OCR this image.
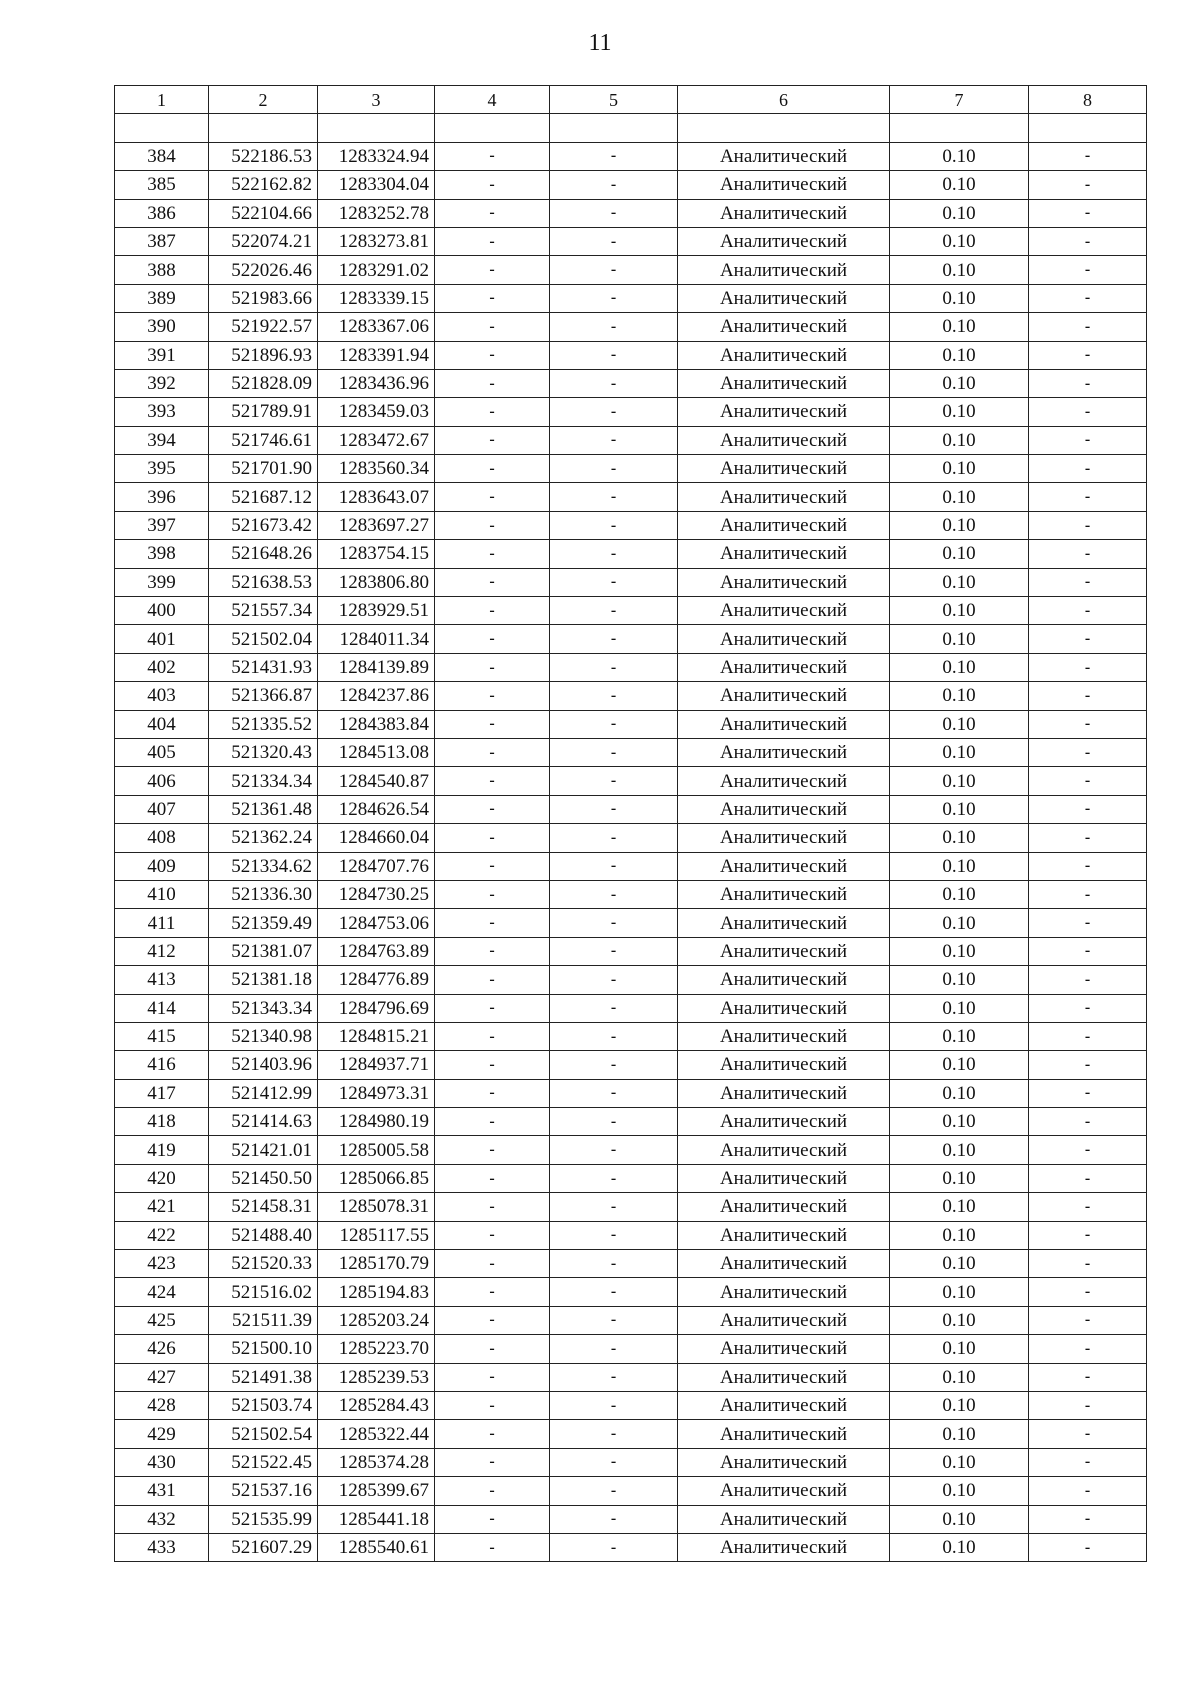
11
1	2	3	4	5	6	7	8

384	522186.53	1283324.94	-	-	Аналитический	0.10	-
385	522162.82	1283304.04	-	-	Аналитический	0.10	-
386	522104.66	1283252.78	-	-	Аналитический	0.10	-
387	522074.21	1283273.81	-	-	Аналитический	0.10	-
388	522026.46	1283291.02	-	-	Аналитический	0.10	-
389	521983.66	1283339.15	-	-	Аналитический	0.10	-
390	521922.57	1283367.06	-	-	Аналитический	0.10	-
391	521896.93	1283391.94	-	-	Аналитический	0.10	-
392	521828.09	1283436.96	-	-	Аналитический	0.10	-
393	521789.91	1283459.03	-	-	Аналитический	0.10	-
394	521746.61	1283472.67	-	-	Аналитический	0.10	-
395	521701.90	1283560.34	-	-	Аналитический	0.10	-
396	521687.12	1283643.07	-	-	Аналитический	0.10	-
397	521673.42	1283697.27	-	-	Аналитический	0.10	-
398	521648.26	1283754.15	-	-	Аналитический	0.10	-
399	521638.53	1283806.80	-	-	Аналитический	0.10	-
400	521557.34	1283929.51	-	-	Аналитический	0.10	-
401	521502.04	1284011.34	-	-	Аналитический	0.10	-
402	521431.93	1284139.89	-	-	Аналитический	0.10	-
403	521366.87	1284237.86	-	-	Аналитический	0.10	-
404	521335.52	1284383.84	-	-	Аналитический	0.10	-
405	521320.43	1284513.08	-	-	Аналитический	0.10	-
406	521334.34	1284540.87	-	-	Аналитический	0.10	-
407	521361.48	1284626.54	-	-	Аналитический	0.10	-
408	521362.24	1284660.04	-	-	Аналитический	0.10	-
409	521334.62	1284707.76	-	-	Аналитический	0.10	-
410	521336.30	1284730.25	-	-	Аналитический	0.10	-
411	521359.49	1284753.06	-	-	Аналитический	0.10	-
412	521381.07	1284763.89	-	-	Аналитический	0.10	-
413	521381.18	1284776.89	-	-	Аналитический	0.10	-
414	521343.34	1284796.69	-	-	Аналитический	0.10	-
415	521340.98	1284815.21	-	-	Аналитический	0.10	-
416	521403.96	1284937.71	-	-	Аналитический	0.10	-
417	521412.99	1284973.31	-	-	Аналитический	0.10	-
418	521414.63	1284980.19	-	-	Аналитический	0.10	-
419	521421.01	1285005.58	-	-	Аналитический	0.10	-
420	521450.50	1285066.85	-	-	Аналитический	0.10	-
421	521458.31	1285078.31	-	-	Аналитический	0.10	-
422	521488.40	1285117.55	-	-	Аналитический	0.10	-
423	521520.33	1285170.79	-	-	Аналитический	0.10	-
424	521516.02	1285194.83	-	-	Аналитический	0.10	-
425	521511.39	1285203.24	-	-	Аналитический	0.10	-
426	521500.10	1285223.70	-	-	Аналитический	0.10	-
427	521491.38	1285239.53	-	-	Аналитический	0.10	-
428	521503.74	1285284.43	-	-	Аналитический	0.10	-
429	521502.54	1285322.44	-	-	Аналитический	0.10	-
430	521522.45	1285374.28	-	-	Аналитический	0.10	-
431	521537.16	1285399.67	-	-	Аналитический	0.10	-
432	521535.99	1285441.18	-	-	Аналитический	0.10	-
433	521607.29	1285540.61	-	-	Аналитический	0.10	-
